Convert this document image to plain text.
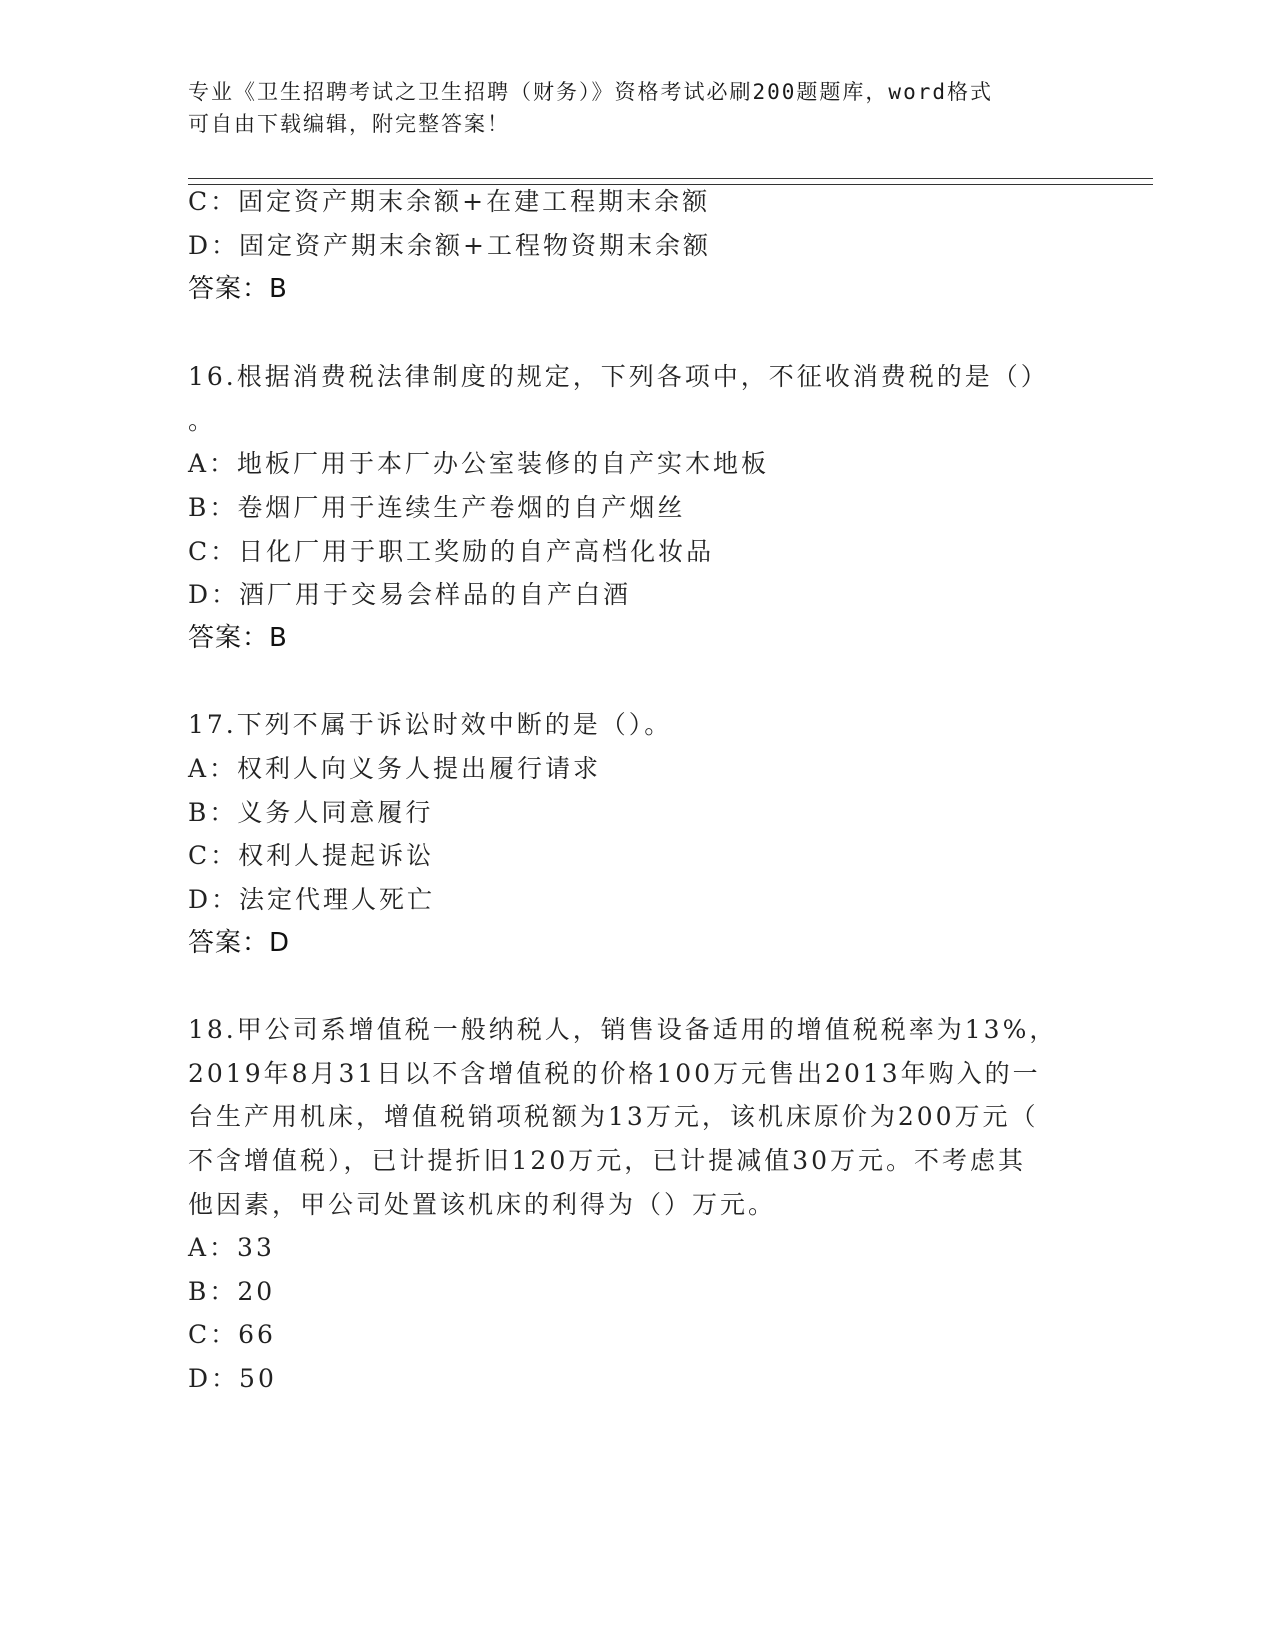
专业《卫生招聘考试之卫生招聘（财务）》资格考试必刷200题题库，word格式
可自由下载编辑，附完整答案！
C：固定资产期末余额+在建工程期末余额
D：固定资产期末余额+工程物资期末余额
答案：B
16.根据消费税法律制度的规定，下列各项中，不征收消费税的是（）
。
A：地板厂用于本厂办公室装修的自产实木地板
B：卷烟厂用于连续生产卷烟的自产烟丝
C：日化厂用于职工奖励的自产高档化妆品
D：酒厂用于交易会样品的自产白酒
答案：B
17.下列不属于诉讼时效中断的是（）。
A：权利人向义务人提出履行请求
B：义务人同意履行
C：权利人提起诉讼
D：法定代理人死亡
答案：D
18.甲公司系增值税一般纳税人，销售设备适用的增值税税率为13%，
2019年8月31日以不含增值税的价格100万元售出2013年购入的一
台生产用机床，增值税销项税额为13万元，该机床原价为200万元（
不含增值税），已计提折旧120万元，已计提减值30万元。不考虑其
他因素，甲公司处置该机床的利得为（）万元。
A：33
B：20
C：66
D：50
